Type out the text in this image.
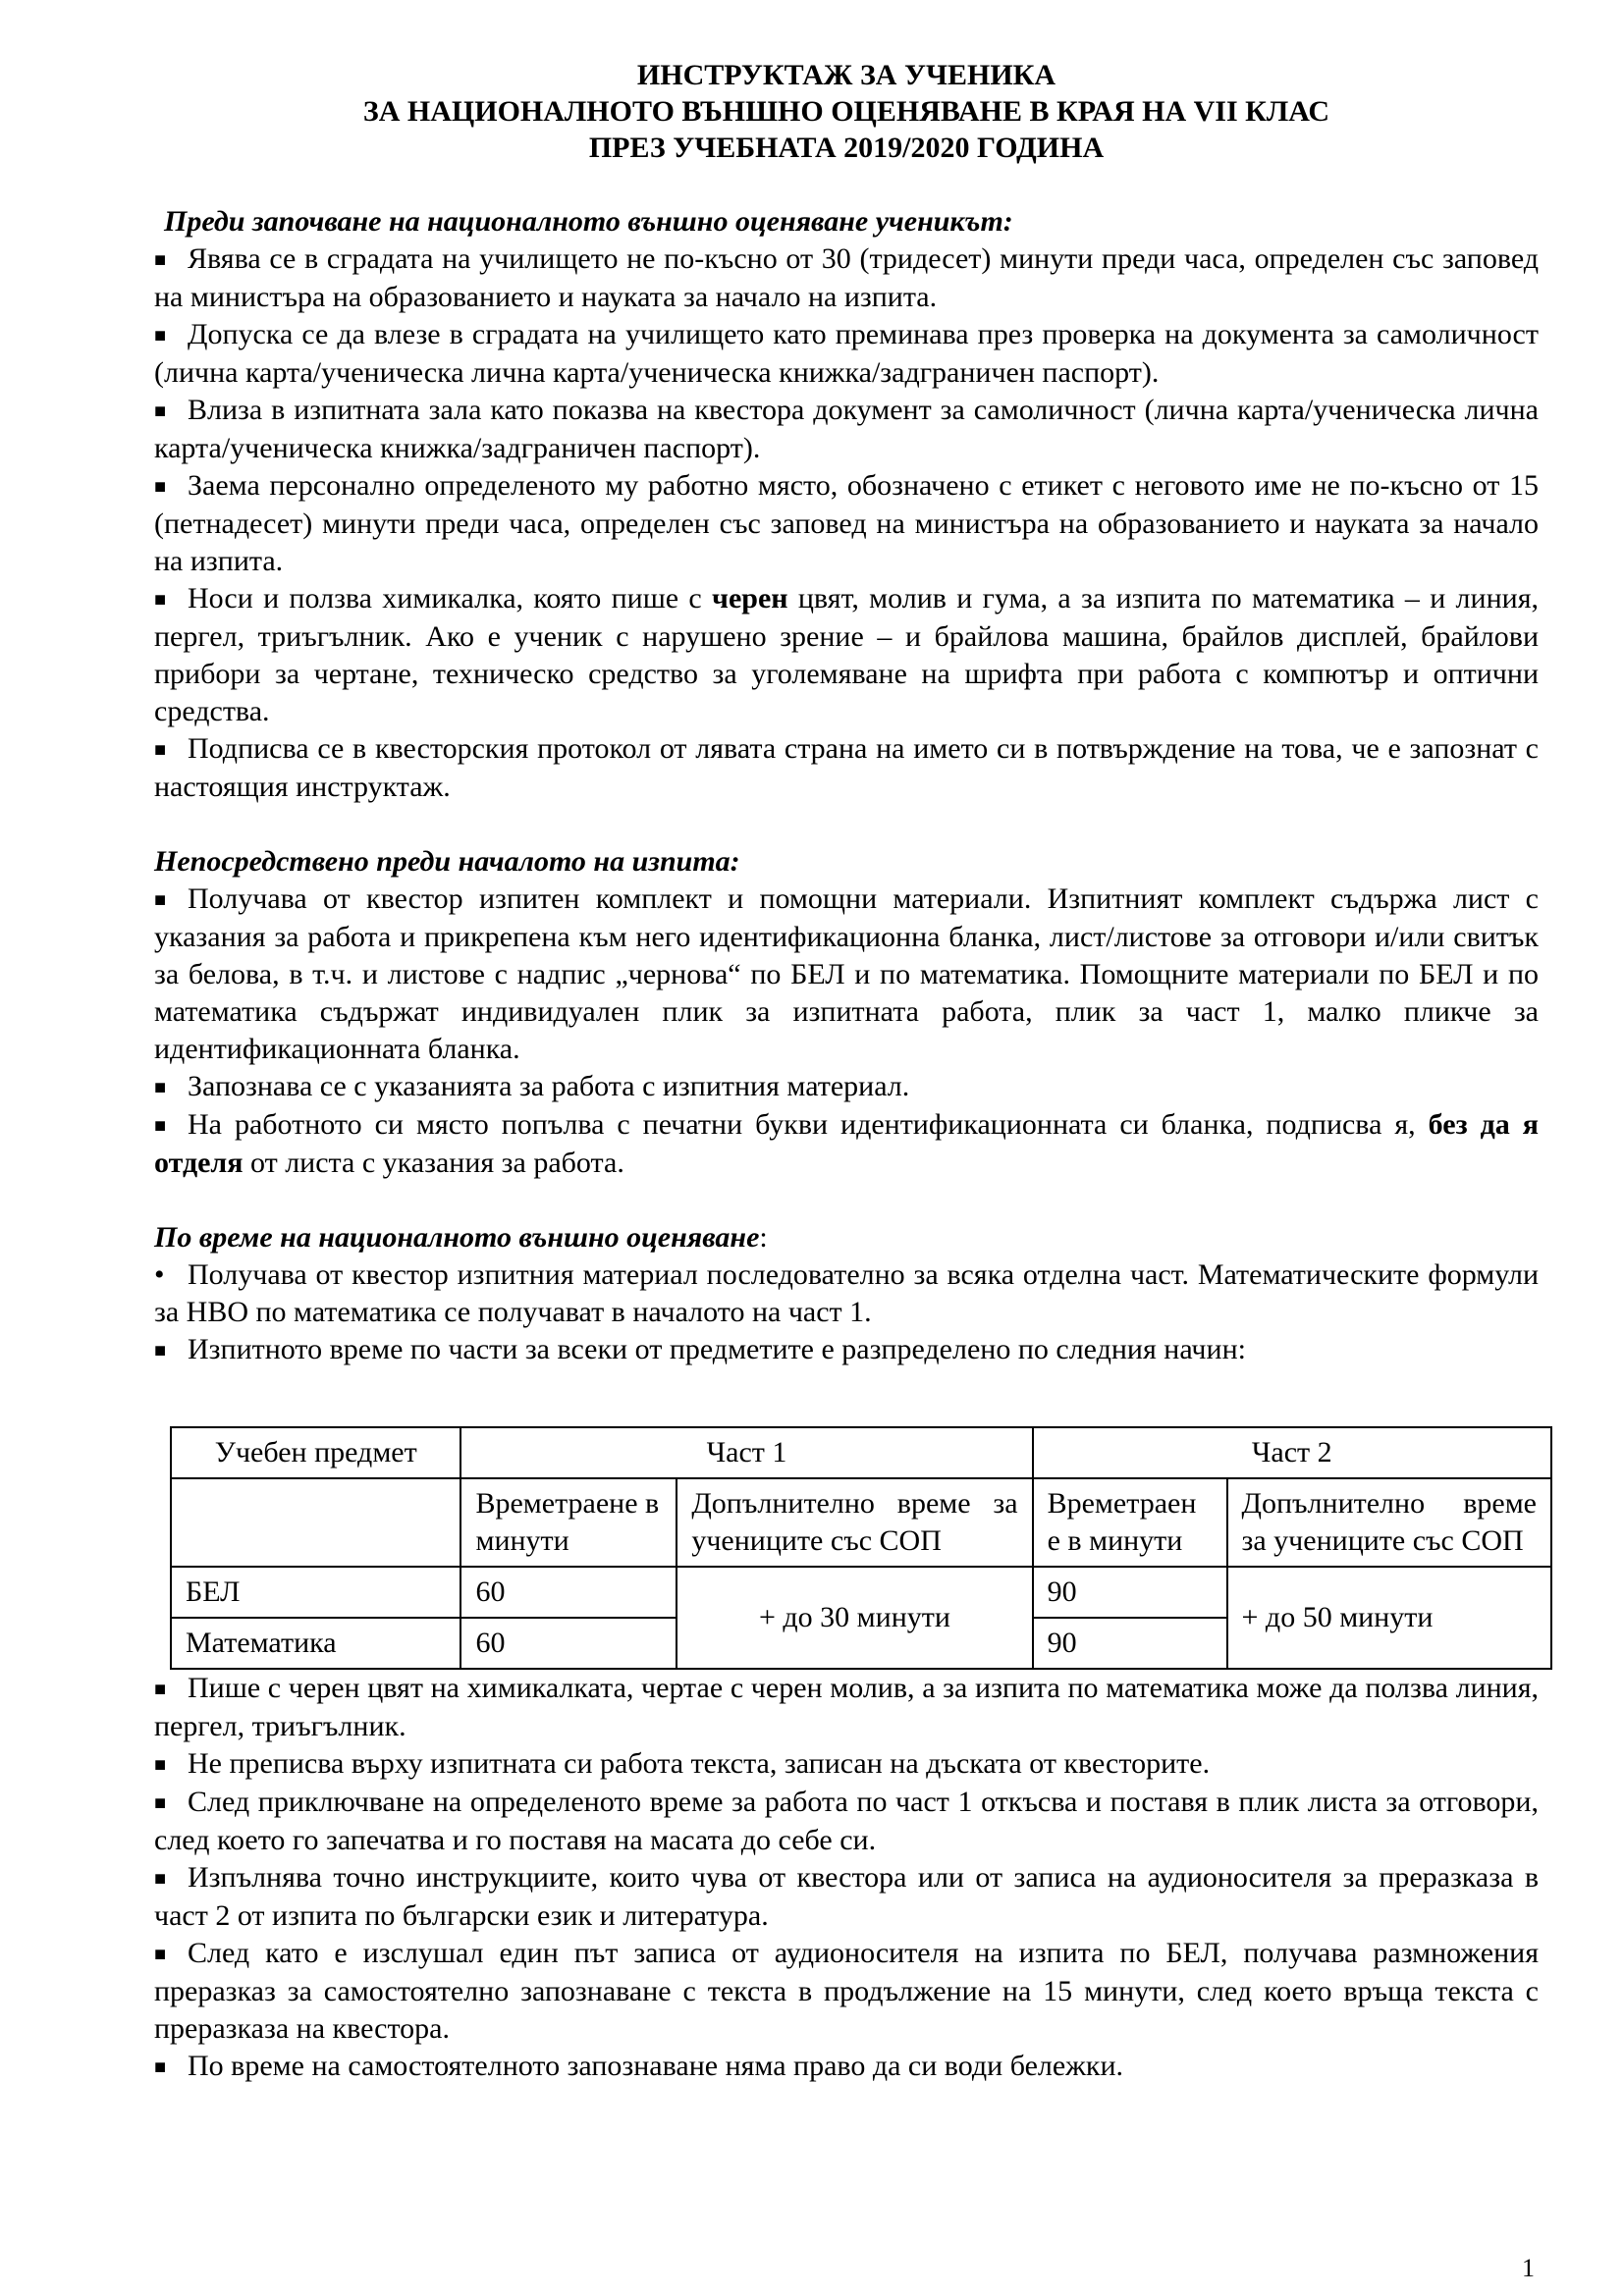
ИНСТРУКТАЖ ЗА УЧЕНИКА

ЗА НАЦИОНАЛНОТО ВЪНШНО ОЦЕНЯВАНЕ В КРАЯ НА VII КЛАС

ПРЕЗ УЧЕБНАТА 2019/2020 ГОДИНА

Преди започване на националното външно оценяване ученикът:

■ Явява се в сградата на училището не по-късно от 30 (тридесет) минути преди часа, определен със заповед на министъра на образованието и науката за начало на изпита.
■ Допуска се да влезе в сградата на училището като преминава през проверка на документа за самоличност (лична карта/ученическа лична карта/ученическа книжка/задграничен паспорт).
■ Влиза в изпитната зала като показва на квестора документ за самоличност (лична карта/ученическа лична карта/ученическа книжка/задграничен паспорт).
■ Заема персонално определеното му работно място, обозначено с етикет с неговото име не по-късно от 15 (петнадесет) минути преди часа, определен със заповед на министъра на образованието и науката за начало на изпита.
■ Носи и ползва химикалка, която пише с черен цвят, молив и гума, а за изпита по математика – и линия, пергел, триъгълник. Ако е ученик с нарушено зрение – и брайлова машина, брайлов дисплей, брайлови прибори за чертане, техническо средство за уголемяване на шрифта при работа с компютър и оптични средства.
■ Подписва се в квесторския протокол от лявата страна на името си в потвърждение на това, че е запознат с настоящия инструктаж.

Непосредствено преди началото на изпита:

■ Получава от квестор изпитен комплект и помощни материали. Изпитният комплект съдържа лист с указания за работа и прикрепена към него идентификационна бланка, лист/листове за отговори и/или свитък за белова, в т.ч. и листове с надпис „чернова“ по БЕЛ и по математика. Помощните материали по БЕЛ и по математика съдържат индивидуален плик за изпитната работа, плик за част 1, малко пликче за идентификационната бланка.
■ Запознава се с указанията за работа с изпитния материал.
■ На работното си място попълва с печатни букви идентификационната си бланка, подписва я, без да я отделя от листа с указания за работа.

По време на националното външно оценяване:

• Получава от квестор изпитния материал последователно за всяка отделна част. Математическите формули за НВО по математика се получават в началото на част 1.
■ Изпитното време по части за всеки от предметите е разпределено по следния начин:
Учебен предмет	Част 1		Част 2	
	Времетраене в минути	Допълнително време за учениците със СОП	Времетраен е в минути	Допълнително време за учениците със СОП
БЕЛ	60	+ до 30 минути	90	+ до 50 минути
Математика	60		90	
■ Пише с черен цвят на химикалката, чертае с черен молив, а за изпита по математика може да ползва линия, пергел, триъгълник.
■ Не преписва върху изпитната си работа текста, записан на дъската от квесторите.
■ След приключване на определеното време за работа по част 1 откъсва и поставя в плик листа за отговори, след което го запечатва и го поставя на масата до себе си.
■ Изпълнява точно инструкциите, които чува от квестора или от записа на аудионосителя за преразказа в част 2 от изпита по български език и литература.
■ След като е изслушал един път записа от аудионосителя на изпита по БЕЛ, получава размножения преразказ за самостоятелно запознаване с текста в продължение на 15 минути, след което връща текста с преразказа на квестора.
■ По време на самостоятелното запознаване няма право да си води бележки.
1
